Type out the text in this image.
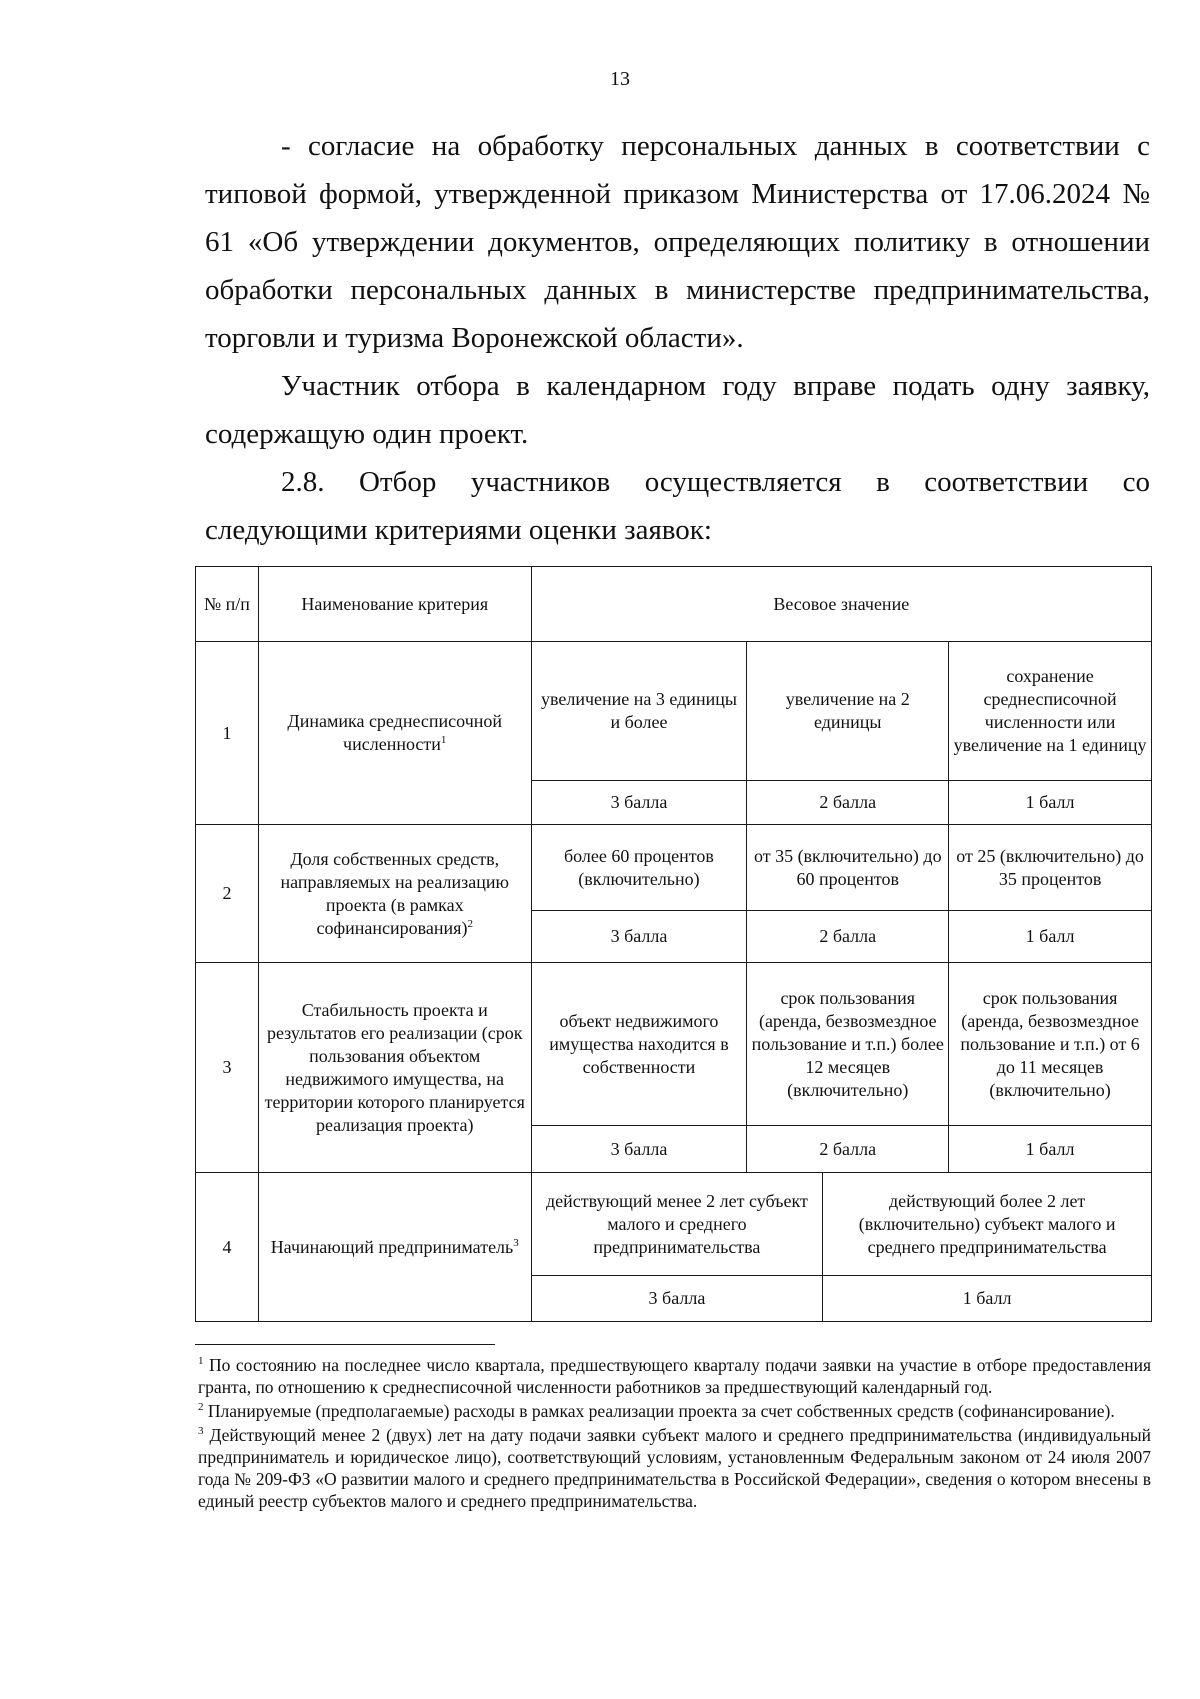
13
- согласие на обработку персональных данных в соответствии с типовой формой, утвержденной приказом Министерства от 17.06.2024 № 61 «Об утверждении документов, определяющих политику в отношении обработки персональных данных в министерстве предпринимательства, торговли и туризма Воронежской области».
Участник отбора в календарном году вправе подать одну заявку, содержащую один проект.
2.8. Отбор участников осуществляется в соответствии со следующими критериями оценки заявок:
№ п/п	Наименование критерия	Весовое значение			
1	Динамика среднесписочной численности$^1$	увеличение на 3 единицы и более	увеличение на 2 единицы		сохранение среднесписочной численности или увеличение на 1 единицу
		3 балла	2 балла		1 балл
2	Доля собственных средств, направляемых на реализацию проекта (в рамках софинансирования)$^2$	более 60 процентов (включительно)	от 35 (включительно) до 60 процентов		от 25 (включительно) до 35 процентов
		3 балла	2 балла		1 балл
3	Стабильность проекта и результатов его реализации (срок пользования объектом недвижимого имущества, на территории которого планируется реализация проекта)	объект недвижимого имущества находится в собственности	срок пользования (аренда, безвозмездное пользование и т.п.) более 12 месяцев (включительно)		срок пользования (аренда, безвозмездное пользование и т.п.) от 6 до 11 месяцев (включительно)
		3 балла	2 балла		1 балл
4	Начинающий предприниматель$^3$	действующий менее 2 лет субъект малого и среднего предпринимательства		действующий более 2 лет (включительно) субъект малого и среднего предпринимательства	
		3 балла		1 балл	

$^1$ По состоянию на последнее число квартала, предшествующего кварталу подачи заявки на участие в отборе предоставления гранта, по отношению к среднесписочной численности работников за предшествующий календарный год.

$^2$ Планируемые (предполагаемые) расходы в рамках реализации проекта за счет собственных средств (софинансирование).

$^3$ Действующий менее 2 (двух) лет на дату подачи заявки субъект малого и среднего предпринимательства (индивидуальный предприниматель и юридическое лицо), соответствующий условиям, установленным Федеральным законом от 24 июля 2007 года № 209-ФЗ «О развитии малого и среднего предпринимательства в Российской Федерации», сведения о котором внесены в единый реестр субъектов малого и среднего предпринимательства.
